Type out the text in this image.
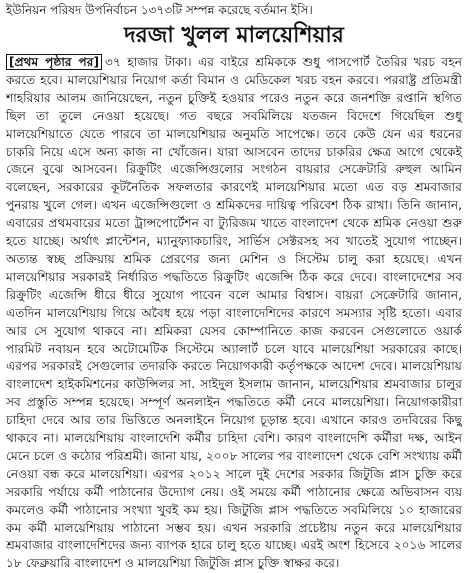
ইউনিয়ন পরিষদ উপনির্বাচন ১৩৭৩টি সম্পন্ন করেছে বর্তমান ইসি।
দরজা খুলল মালয়েশিয়ার
[প্রথম পৃষ্ঠার পর] ৩৭ হাজার টাকা। এর বাইরে শ্রমিককে শুধু পাসপোর্ট তৈরির খরচ বহন করতে হবে। মালয়েশিয়ার নিয়োগ কর্তা বিমান ও মেডিকেল খরচ বহন করবে। পররাষ্ট্র প্রতিমন্ত্রী শাহরিয়ার আলম জানিয়েছেন, নতুন চুক্তিই হওয়ার পরেও নতুন করে জনশক্তি রপ্তানি স্থগিত ছিল তা তুলে নেওয়া হয়েছে। গত বছরে সবমিলিয়ে যতজন বিদেশে গিয়েছিল শুধু মালয়েশিয়াতে যেতে পারবে তা মালয়েশিয়ার অনুমতি সাপেক্ষে। তবে কেউ যেন এর ধরনের চাকরি নিয়ে এসে অন্য কাজ না খোঁজেন। যারা আসবেন তাদের চাকরির ক্ষেত্র আগে থেকেই জেনে বুঝে আসবেন। রিক্রুটিং এজেন্সিগুলোর সংগঠন বায়রার সেক্রেটারি রুহুল আমিন বলেছেন, সরকারের কূটনৈতিক সফলতার কারণেই মালয়েশিয়ার মতো এত বড় শ্রমবাজার পুনরায় খুলে গেল। এখন এজেন্সিগুলো ও শ্রমিকদের দায়িত্ব পরিবেশ ঠিক রাখা। তিনি জানান, এবারের প্রথমবারের মতো ট্রান্সপোর্টেশন বা ট্যুরিজম খাতে বাংলাদেশ থেকে শ্রমিক নেওয়া শুরু হতে যাচ্ছে। অর্থাৎ প্লান্টেশন, ম্যানুফ্যাকচারিং, সার্ভিস সেক্টরসহ সব খাতেই সুযোগ পাচ্ছেন। অত্যন্ত স্বচ্ছ প্রক্রিয়ায় শ্রমিক প্রেরণের জন্য মেশিন ও সিস্টেম চালু করা হয়েছে। এখন মালয়েশিয়ার সরকারই নির্ধারিত পদ্ধতিতে রিক্রুটিং এজেন্সি ঠিক করে দেবে। বাংলাদেশের সব রিক্রুটিং এজেন্সি ধীরে ধীরে সুযোগ পাবেন বলে আমার বিশ্বাস। বায়রা সেক্রেটারি জানান, এতদিন মালয়েশিয়ায় গিয়ে অবৈধ হয়ে পড়া বাংলাদেশিদের কারণে সমস্যার সৃষ্টি হতো। এবার আর সে সুযোগ থাকবে না। শ্রমিকরা যেসব কোম্পানিতে কাজ করবেন সেগুলোতে ওয়ার্ক পারমিট নবায়ন হবে অটোমেটিক সিস্টেমে অ্যালার্ট চলে যাবে মালয়েশিয়া সরকারের কাছে। এরপর সরকারই সেগুলোর তদারকি করতে নিয়োগকারী কর্তৃপক্ষকে আদেশ দেবে। মালয়েশিয়ায় বাংলাদেশ হাইকমিশনের কাউন্সিলর সা. সাইদুল ইসলাম জানান, মালয়েশিয়ার শ্রমবাজার চালুর সব প্রস্তুতি সম্পন্ন হয়েছে। সম্পূর্ণ অনলাইন পদ্ধতিতে কর্মী নেবে মালয়েশিয়া। নিয়োগকারীরা চাহিদা দেবে আর তার ভিত্তিতে অনলাইনে নিয়োগ চূড়ান্ত হবে। এখানে কারও তদবিরের কিছু থাকবে না। মালয়েশিয়ায় বাংলাদেশি কর্মীর চাহিদা বেশি। কারণ বাংলাদেশি কর্মীরা দক্ষ, আইন মেনে চলে ও কঠোর পরিশ্রমী। জানা যায়, ২০০৮ সালের পর বাংলাদেশ থেকে বেশি সংখ্যায় কর্মী নেওয়া বন্ধ করে মালয়েশিয়া। এরপর ২০১২ সালে দুই দেশের সরকার জিটুজি প্লাস চুক্তি করে সরকারি পর্যায়ে কর্মী পাঠানোর উদ্যোগ নেয়। ওই সময়ে কর্মী পাঠানোর ক্ষেত্রে অভিবাসন ব্যয় কমলেও কর্মী পাঠানোর সংখ্যা খুবই কম হয়। জিটুজি প্লাস পদ্ধতিতে সবমিলিয়ে ১০ হাজারের কম কর্মী মালয়েশিয়ায় পাঠানো সম্ভব হয়। এখন সরকারি প্রচেষ্টায় নতুন করে মালয়েশিয়ার শ্রমবাজার বাংলাদেশিদের জন্য ব্যাপক হারে চালু হতে যাচ্ছে। এরই অংশ হিসেবে ২০১৬ সালের ১৮ ফেব্রুয়ারি বাংলাদেশ ও মালয়েশিয়া জিটুজি প্লাস চুক্তি স্বাক্ষর করে।
